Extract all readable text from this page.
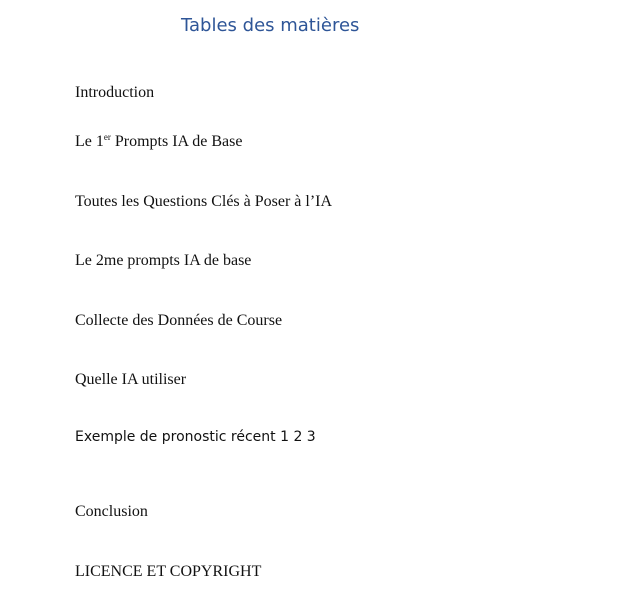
Tables des matières
Introduction
Le 1er Prompts IA de Base
Toutes les Questions Clés à Poser à l’IA
Le 2me prompts IA de base
Collecte des Données de Course
Quelle IA utiliser
Exemple de pronostic récent 1 2 3
Conclusion
LICENCE ET COPYRIGHT
